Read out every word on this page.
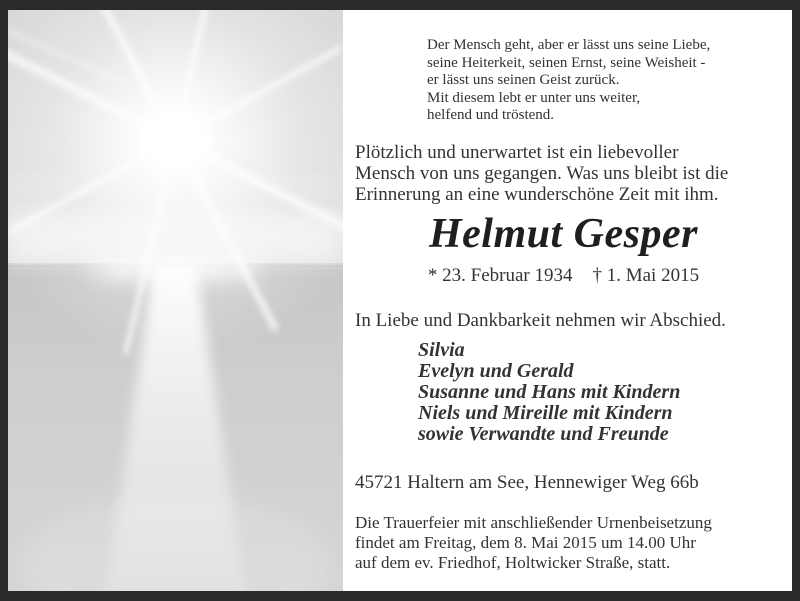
Der Mensch geht, aber er lässt uns seine Liebe,
seine Heiterkeit, seinen Ernst, seine Weisheit -
er lässt uns seinen Geist zurück.
Mit diesem lebt er unter uns weiter,
helfend und tröstend.
Plötzlich und unerwartet ist ein liebevoller
Mensch von uns gegangen. Was uns bleibt ist die
Erinnerung an eine wunderschöne Zeit mit ihm.
Helmut Gesper
* 23. Februar 1934 † 1. Mai 2015
In Liebe und Dankbarkeit nehmen wir Abschied.
Silvia
Evelyn und Gerald
Susanne und Hans mit Kindern
Niels und Mireille mit Kindern
sowie Verwandte und Freunde
45721 Haltern am See, Hennewiger Weg 66b
Die Trauerfeier mit anschließender Urnenbeisetzung
findet am Freitag, dem 8. Mai 2015 um 14.00 Uhr
auf dem ev. Friedhof, Holtwicker Straße, statt.
